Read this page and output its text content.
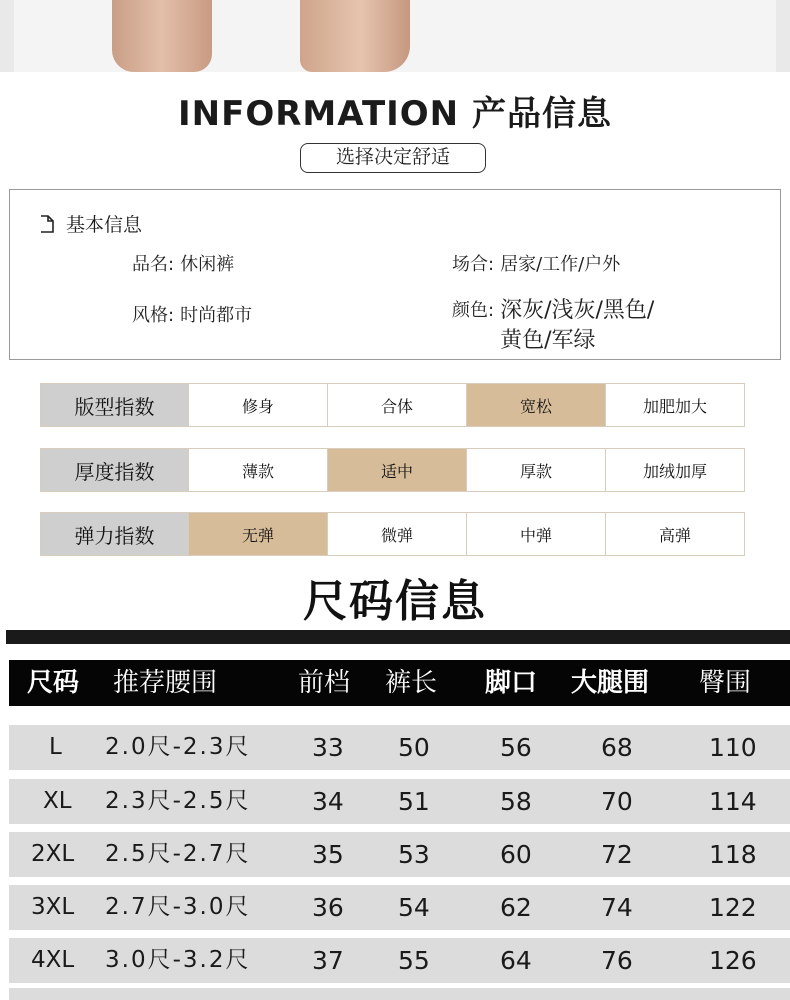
INFORMATION 产品信息
选择决定舒适
基本信息
品名: 休闲裤	场合: 居家/工作/户外
风格: 时尚都市	颜色: 深灰/浅灰/黑色/
黄色/军绿
版型指数	修身	合体	宽松	加肥加大
厚度指数	薄款	适中	厚款	加绒加厚
弹力指数	无弹	微弹	中弹	高弹
尺码信息
尺码 推荐腰围	前档 裤长 脚口 大腿围 臀围
L 2.0尺-2.3尺 33 50	56	68	110
XL 2.3尺-2.5尺 34 51	58	70	114
2XL 2.5尺-2.7尺 35 53	60	72	118
3XL 2.7尺-3.0尺 36 54	62	74	122
4XL 3.0尺-3.2尺 37 55	64	76	126
